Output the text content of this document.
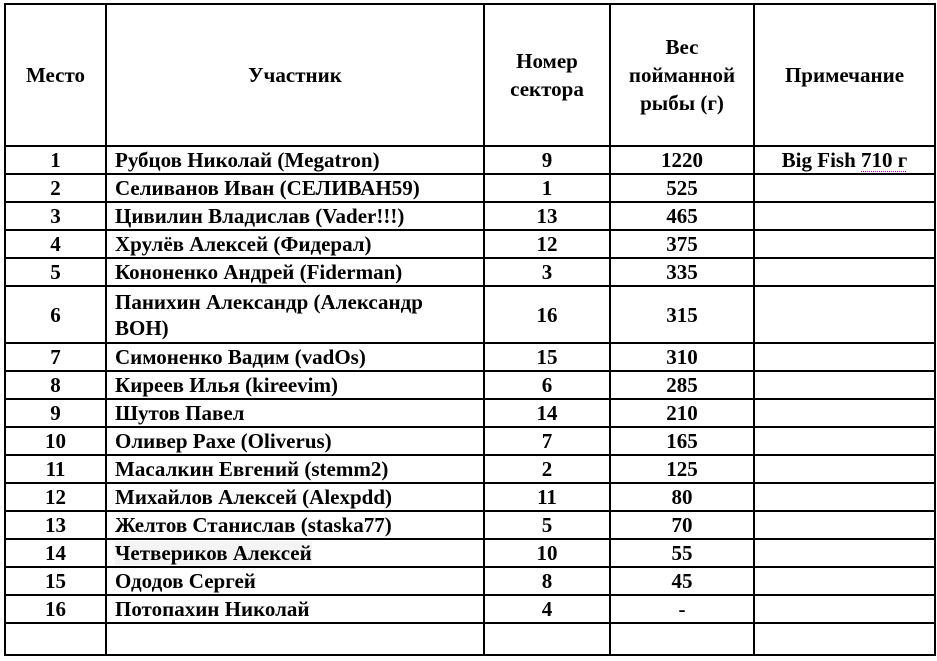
Место	Участник	Номер сектора	Вес пойманной рыбы (г)	Примечание
1	Рубцов Николай (Megatron)	9	1220	Big Fish 710 г
2	Селиванов Иван (СЕЛИВАН59)	1	525	
3	Цивилин Владислав (Vader!!!)	13	465	
4	Хрулёв Алексей (Фидерал)	12	375	
5	Кононенко Андрей (Fiderman)	3	335	
6	Панихин Александр (Александр ВОН)	16	315	
7	Симоненко Вадим (vadOs)	15	310	
8	Киреев Илья (kireevim)	6	285	
9	Шутов Павел	14	210	
10	Оливер Рахе (Oliverus)	7	165	
11	Масалкин Евгений (stemm2)	2	125	
12	Михайлов Алексей (Alexpdd)	11	80	
13	Желтов Станислав (staska77)	5	70	
14	Четвериков Алексей	10	55	
15	Ододов Сергей	8	45	
16	Потопахин Николай	4	-	
